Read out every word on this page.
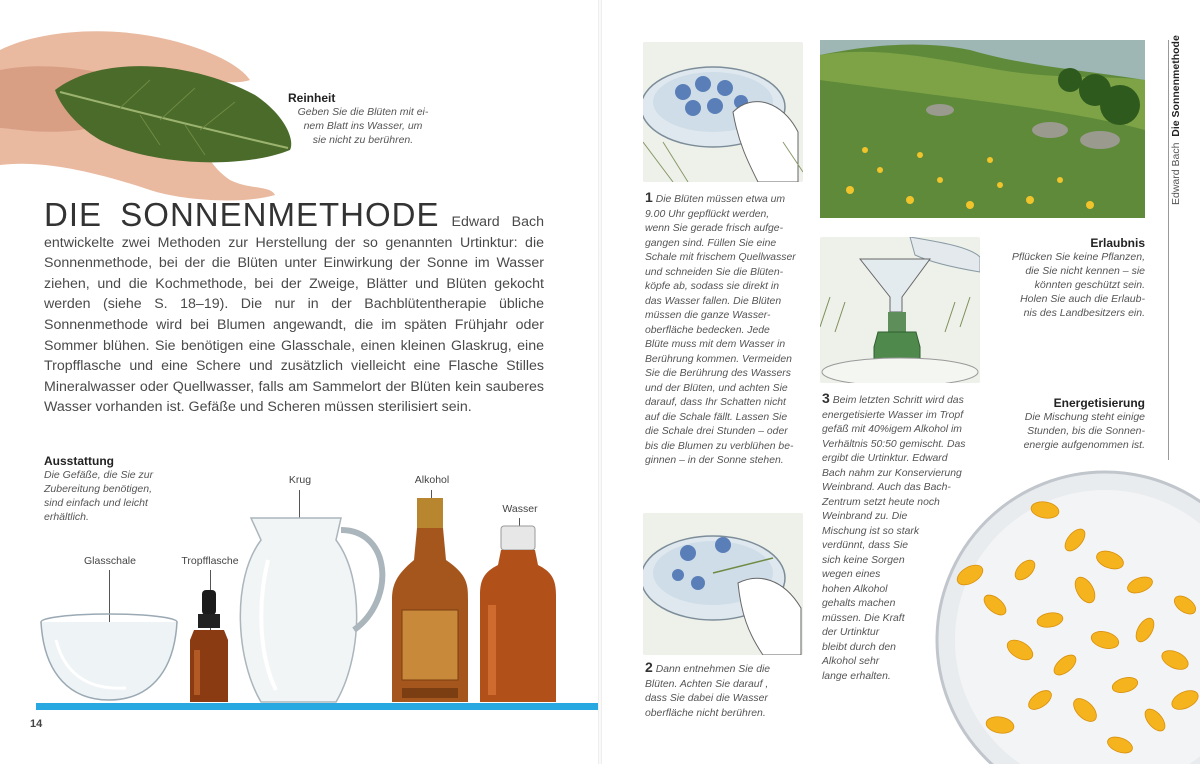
Reinheit
Geben Sie die Blüten mit ei-
nem Blatt ins Wasser, um
sie nicht zu berühren.
DIE SONNENMETHODE Edward Bach entwickelte zwei Methoden zur Herstellung der so genannten Urtinktur: die Sonnenmethode, bei der die Blüten unter Einwirkung der Sonne im Wasser ziehen, und die Kochmethode, bei der Zweige, Blätter und Blüten gekocht werden (siehe S. 18–19). Die nur in der Bachblütentherapie übliche Sonnenmethode wird bei Blumen angewandt, die im späten Frühjahr oder Sommer blühen. Sie benötigen eine Glasschale, einen kleinen Glaskrug, eine Tropfflasche und eine Schere und zusätzlich vielleicht eine Flasche Stilles Mineralwasser oder Quellwasser, falls am Sammelort der Blüten kein sauberes Wasser vorhanden ist. Gefäße und Scheren müssen sterilisiert sein.
Ausstattung
Die Gefäße, die Sie zur
Zubereitung benötigen,
sind einfach und leicht
erhältlich.
Glasschale	Tropfflasche
Krug	Alkohol
Wasser
14
Edward Bach  Die Sonnenmethode
1 Die Blüten müssen etwa um
9.00 Uhr gepflückt werden,
wenn Sie gerade frisch aufge-
gangen sind. Füllen Sie eine
Schale mit frischem Quellwasser
und schneiden Sie die Blüten-
köpfe ab, sodass sie direkt in
das Wasser fallen. Die Blüten
müssen die ganze Wasser-
oberfläche bedecken. Jede
Blüte muss mit dem Wasser in
Berührung kommen. Vermeiden
Sie die Berührung des Wassers
und der Blüten, und achten Sie
darauf, dass Ihr Schatten nicht
auf die Schale fällt. Lassen Sie
die Schale drei Stunden – oder
bis die Blumen zu verblühen be-
ginnen – in der Sonne stehen.
2 Dann entnehmen Sie die
Blüten. Achten Sie darauf ,
dass Sie dabei die Wasser
oberfläche nicht berühren.
Erlaubnis
Pflücken Sie keine Pflanzen,
die Sie nicht kennen – sie
könnten geschützt sein.
Holen Sie auch die Erlaub-
nis des Landbesitzers ein.
3 Beim letzten Schritt wird das
energetisierte Wasser im Tropf
gefäß mit 40%igem Alkohol im
Verhältnis 50:50 gemischt. Das
ergibt die Urtinktur. Edward
Bach nahm zur Konservierung
Weinbrand. Auch das Bach-
Zentrum setzt heute noch
Weinbrand zu. Die
Mischung ist so stark
verdünnt, dass Sie
sich keine Sorgen
wegen eines
hohen Alkohol
gehalts machen
müssen. Die Kraft
der Urtinktur
bleibt durch den
Alkohol sehr
lange erhalten.
Energetisierung
Die Mischung steht einige
Stunden, bis die Sonnen-
energie aufgenommen ist.
